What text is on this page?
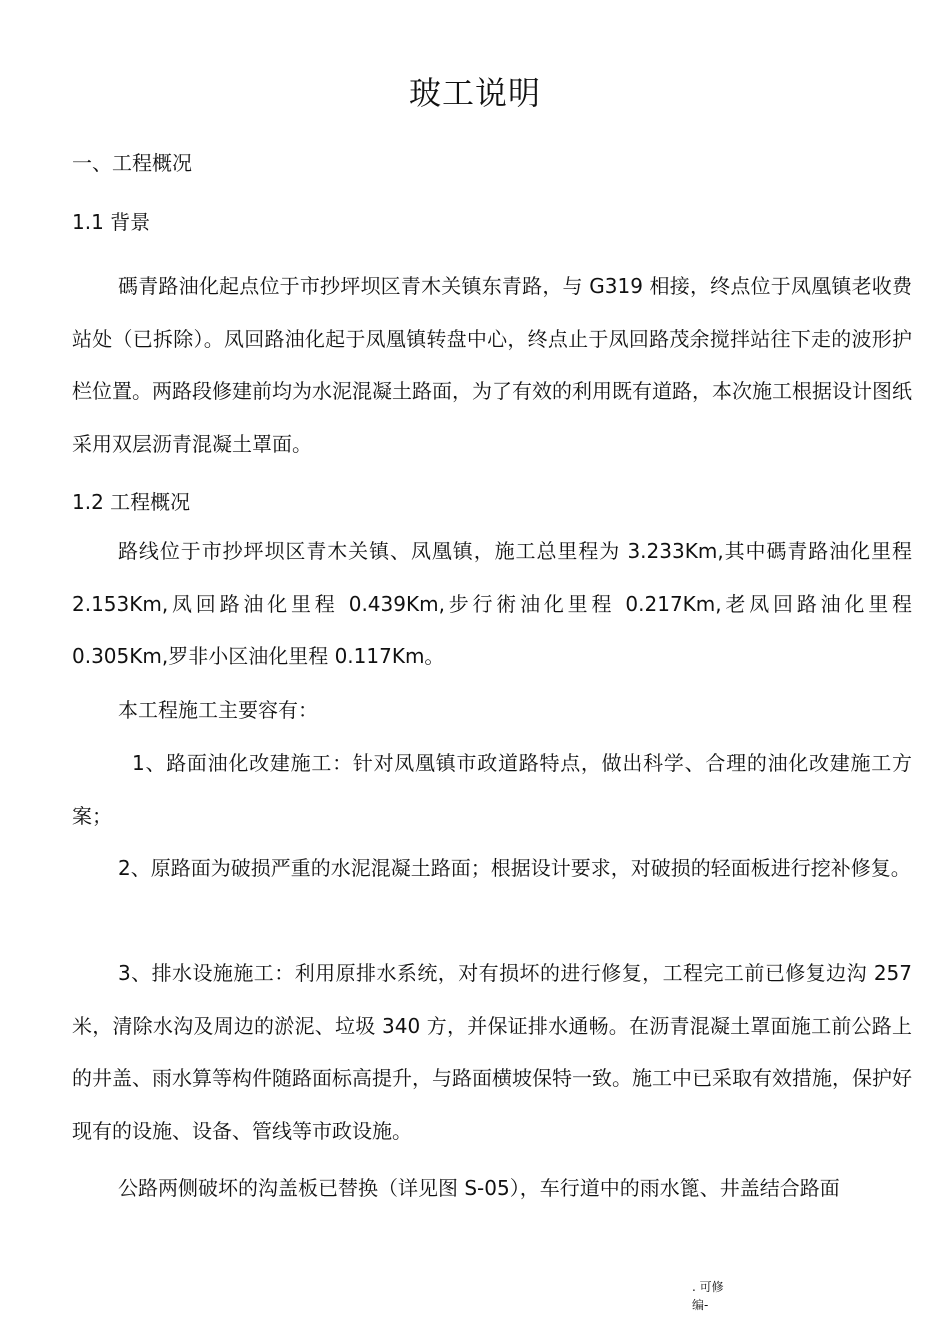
玻工说明
一、工程概况
1.1 背景

碼青路油化起点位于市抄坪坝区青木关镇东青路，与 G319 相接，终点位于凤凰镇老收费站处（已拆除）。凤回路油化起于凤凰镇转盘中心，终点止于凤回路茂余搅拌站往下走的波形护栏位置。两路段修建前均为水泥混凝土路面，为了有效的利用既有道路，本次施工根据设计图纸采用双层沥青混凝土罩面。

1.2 工程概况

路线位于市抄坪坝区青木关镇、凤凰镇，施工总里程为 3.233Km,其中碼青路油化里程 2.153Km,凤回路油化里程 0.439Km,步行術油化里程 0.217Km,老凤回路油化里程 0.305Km,罗非小区油化里程 0.117Km。

本工程施工主要容有：

1、路面油化改建施工：针对凤凰镇市政道路特点，做出科学、合理的油化改建施工方案；

2、原路面为破损严重的水泥混凝土路面；根据设计要求，对破损的轻面板进行挖补修复。

3、排水设施施工：利用原排水系统，对有损坏的进行修复，工程完工前已修复边沟 257 米，清除水沟及周边的淤泥、垃圾 340 方，并保证排水通畅。在沥青混凝土罩面施工前公路上的井盖、雨水算等构件随路面标高提升，与路面横坡保特一致。施工中已采取有效措施，保护好现有的设施、设备、管线等市政设施。

公路两侧破坏的沟盖板已替换（详见图 S-05），车行道中的雨水篦、井盖结合路面

. 可修
编-
